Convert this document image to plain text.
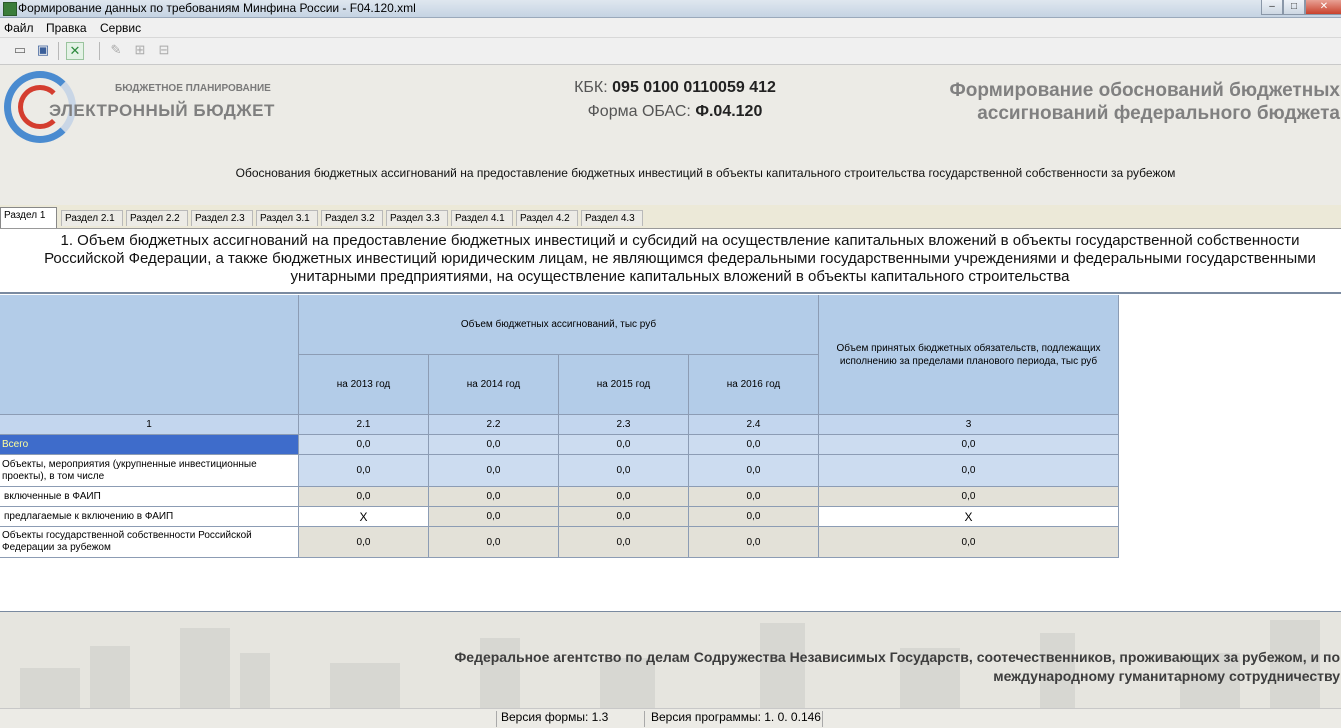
Формирование данных по требованиям Минфина России - F04.120.xml	‒	□	✕
Файл Правка Сервис
▭ ▣ ✕ ✎ ⊞ ⊟
БЮДЖЕТНОЕ ПЛАНИРОВАНИЕ
ЭЛЕКТРОННЫЙ БЮДЖЕТ
КБК: 095 0100 0110059 412
Форма ОБАС: Ф.04.120
Формирование обоснований бюджетных
ассигнований федерального бюджета
Обоснования бюджетных ассигнований на предоставление бюджетных инвестиций в объекты капитального строительства государственной собственности за рубежом
Раздел 1	Раздел 2.1	Раздел 2.2	Раздел 2.3	Раздел 3.1	Раздел 3.2	Раздел 3.3	Раздел 4.1	Раздел 4.2	Раздел 4.3
1. Объем бюджетных ассигнований на предоставление бюджетных инвестиций и субсидий на осуществление капитальных вложений в объекты государственной собственности
Российской Федерации, а также бюджетных инвестиций юридическим лицам, не являющимся федеральными государственными учреждениями и федеральными государственными
унитарными предприятиями, на осуществление капитальных вложений в объекты капитального строительства
Объем бюджетных ассигнований, тыс руб
на 2013 год	на 2014 год	на 2015 год	на 2016 год
Объем принятых бюджетных обязательств, подлежащих исполнению за пределами планового периода, тыс руб
1	2.1	2.2	2.3	2.4	3
Всего	0,0	0,0	0,0	0,0	0,0
Объекты, мероприятия (укрупненные инвестиционные проекты), в том числе	0,0	0,0	0,0	0,0	0,0
включенные в ФАИП	0,0	0,0	0,0	0,0	0,0
предлагаемые к включению в ФАИП	X	0,0	0,0	0,0	X
Объекты государственной собственности Российской Федерации за рубежом	0,0	0,0	0,0	0,0	0,0
Федеральное агентство по делам Содружества Независимых Государств, соотечественников, проживающих за рубежом, и по
международному гуманитарному сотрудничеству
Версия формы: 1.3	Версия программы: 1. 0. 0.146
